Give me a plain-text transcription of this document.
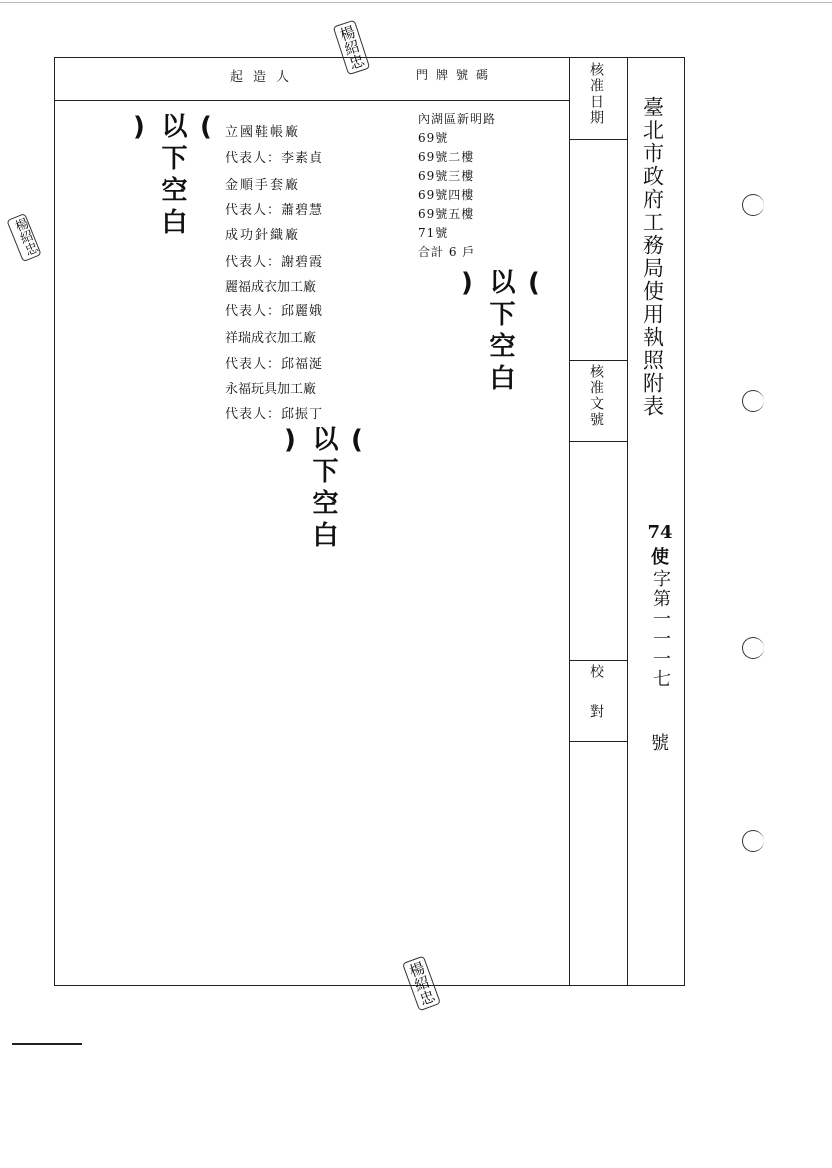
起造人	門牌號碼
立國鞋帳廠
代表人：李素貞
金順手套廠
代表人：蕭碧慧
成功針織廠
代表人：謝碧霞
麗福成衣加工廠
代表人：邱麗娥
祥瑞成衣加工廠
代表人：邱福涎
永福玩具加工廠
代表人：邱振丁
內湖區新明路
69號
69號二樓
69號三樓
69號四樓
69號五樓
71號
合計 6 戶
( 以下空白 )
( 以下空白 )
( 以下空白 )
核准日期
核准文號
校對
臺北市政府工務局使用執照附表
74
使
字第一一一七
號
楊紹忠
楊紹忠
楊紹忠
